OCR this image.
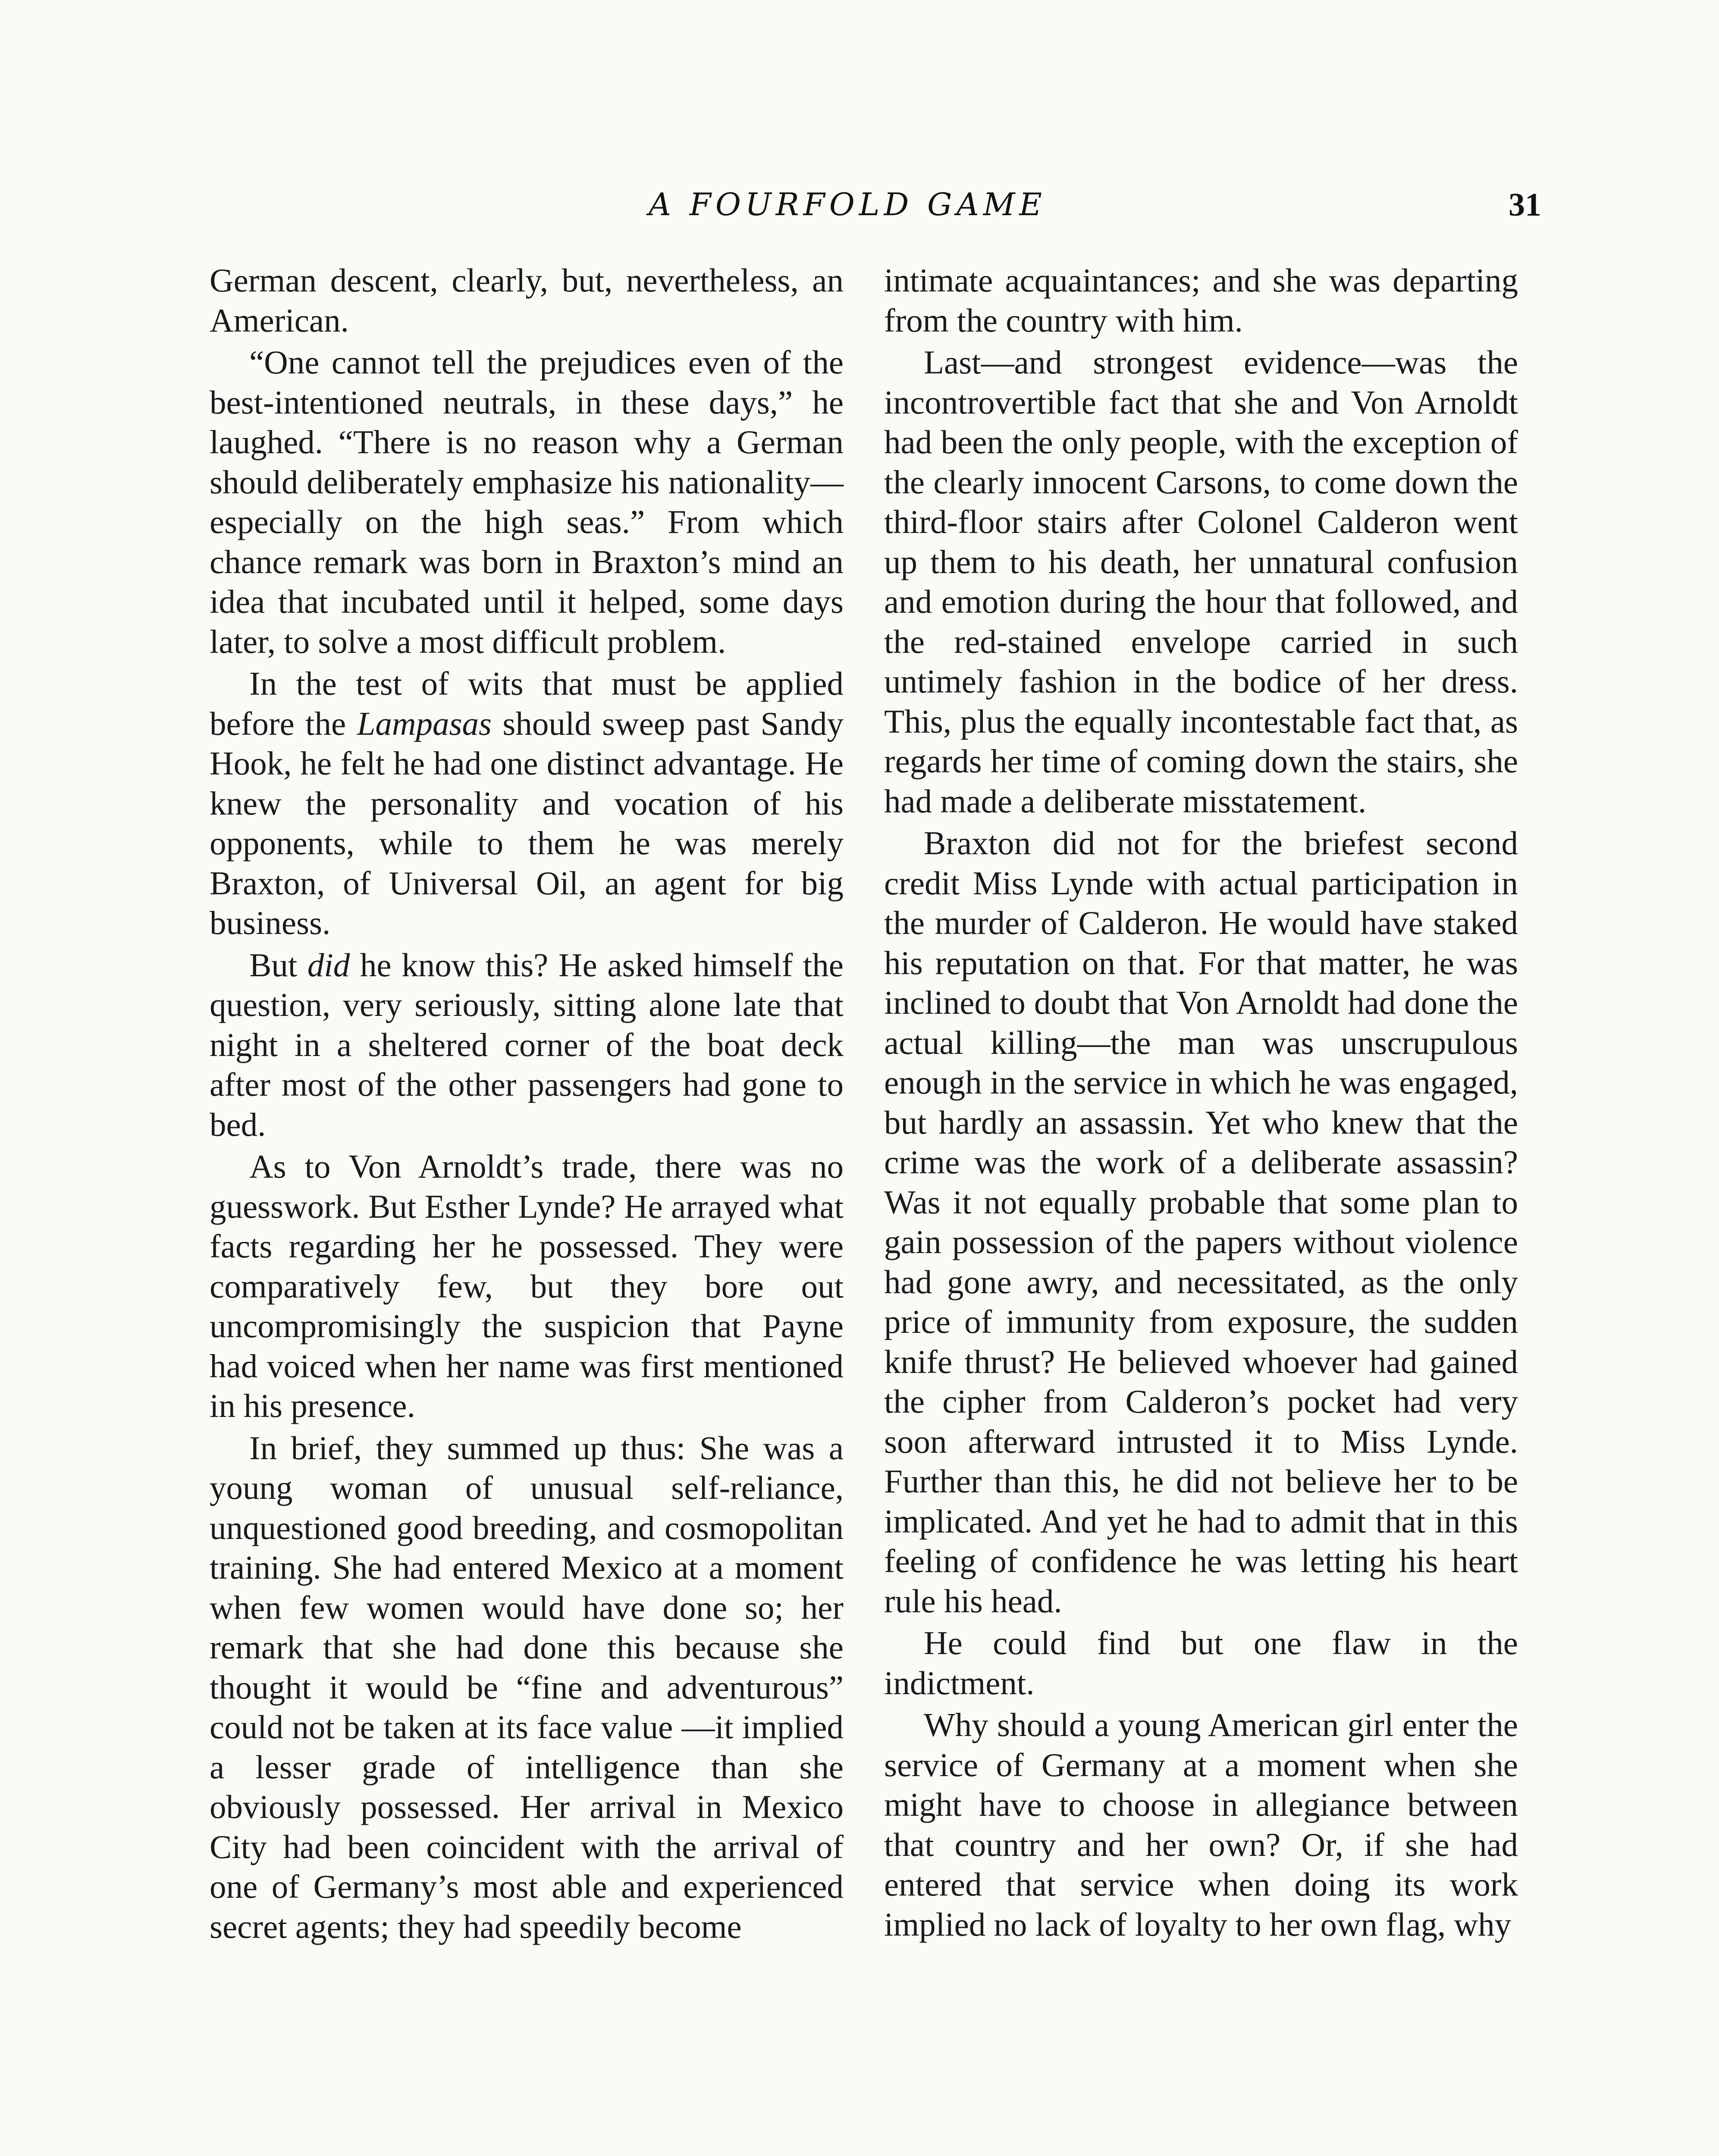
A FOURFOLD GAME	31

German descent, clearly, but, nevertheless, an American.

“One cannot tell the prejudices even of the best-intentioned neutrals, in these days,” he laughed. “There is no reason why a German should deliberately emphasize his nationality—especially on the high seas.” From which chance remark was born in Braxton’s mind an idea that incubated until it helped, some days later, to solve a most difficult problem.

In the test of wits that must be applied before the Lampasas should sweep past Sandy Hook, he felt he had one distinct advantage. He knew the personality and vocation of his opponents, while to them he was merely Braxton, of Universal Oil, an agent for big business.

But did he know this? He asked himself the question, very seriously, sitting alone late that night in a sheltered corner of the boat deck after most of the other passengers had gone to bed.

As to Von Arnoldt’s trade, there was no guesswork. But Esther Lynde? He arrayed what facts regarding her he possessed. They were comparatively few, but they bore out uncompromisingly the suspicion that Payne had voiced when her name was first mentioned in his presence.

In brief, they summed up thus: She was a young woman of unusual self-reliance, unquestioned good breeding, and cosmopolitan training. She had entered Mexico at a moment when few women would have done so; her remark that she had done this because she thought it would be “fine and adventurous” could not be taken at its face value —it implied a lesser grade of intelligence than she obviously possessed. Her arrival in Mexico City had been coincident with the arrival of one of Germany’s most able and experienced secret agents; they had speedily become

intimate acquaintances; and she was departing from the country with him.

Last—and strongest evidence—was the incontrovertible fact that she and Von Arnoldt had been the only people, with the exception of the clearly innocent Carsons, to come down the third-floor stairs after Colonel Calderon went up them to his death, her unnatural confusion and emotion during the hour that followed, and the red-stained envelope carried in such untimely fashion in the bodice of her dress. This, plus the equally incontestable fact that, as regards her time of coming down the stairs, she had made a deliberate misstatement.

Braxton did not for the briefest second credit Miss Lynde with actual participation in the murder of Calderon. He would have staked his reputation on that. For that matter, he was inclined to doubt that Von Arnoldt had done the actual killing—the man was unscrupulous enough in the service in which he was engaged, but hardly an assassin. Yet who knew that the crime was the work of a deliberate assassin? Was it not equally probable that some plan to gain possession of the papers without violence had gone awry, and necessitated, as the only price of immunity from exposure, the sudden knife thrust? He believed whoever had gained the cipher from Calderon’s pocket had very soon afterward intrusted it to Miss Lynde. Further than this, he did not believe her to be implicated. And yet he had to admit that in this feeling of confidence he was letting his heart rule his head.

He could find but one flaw in the indictment.

Why should a young American girl enter the service of Germany at a moment when she might have to choose in allegiance between that country and her own? Or, if she had entered that service when doing its work implied no lack of loyalty to her own flag, why
